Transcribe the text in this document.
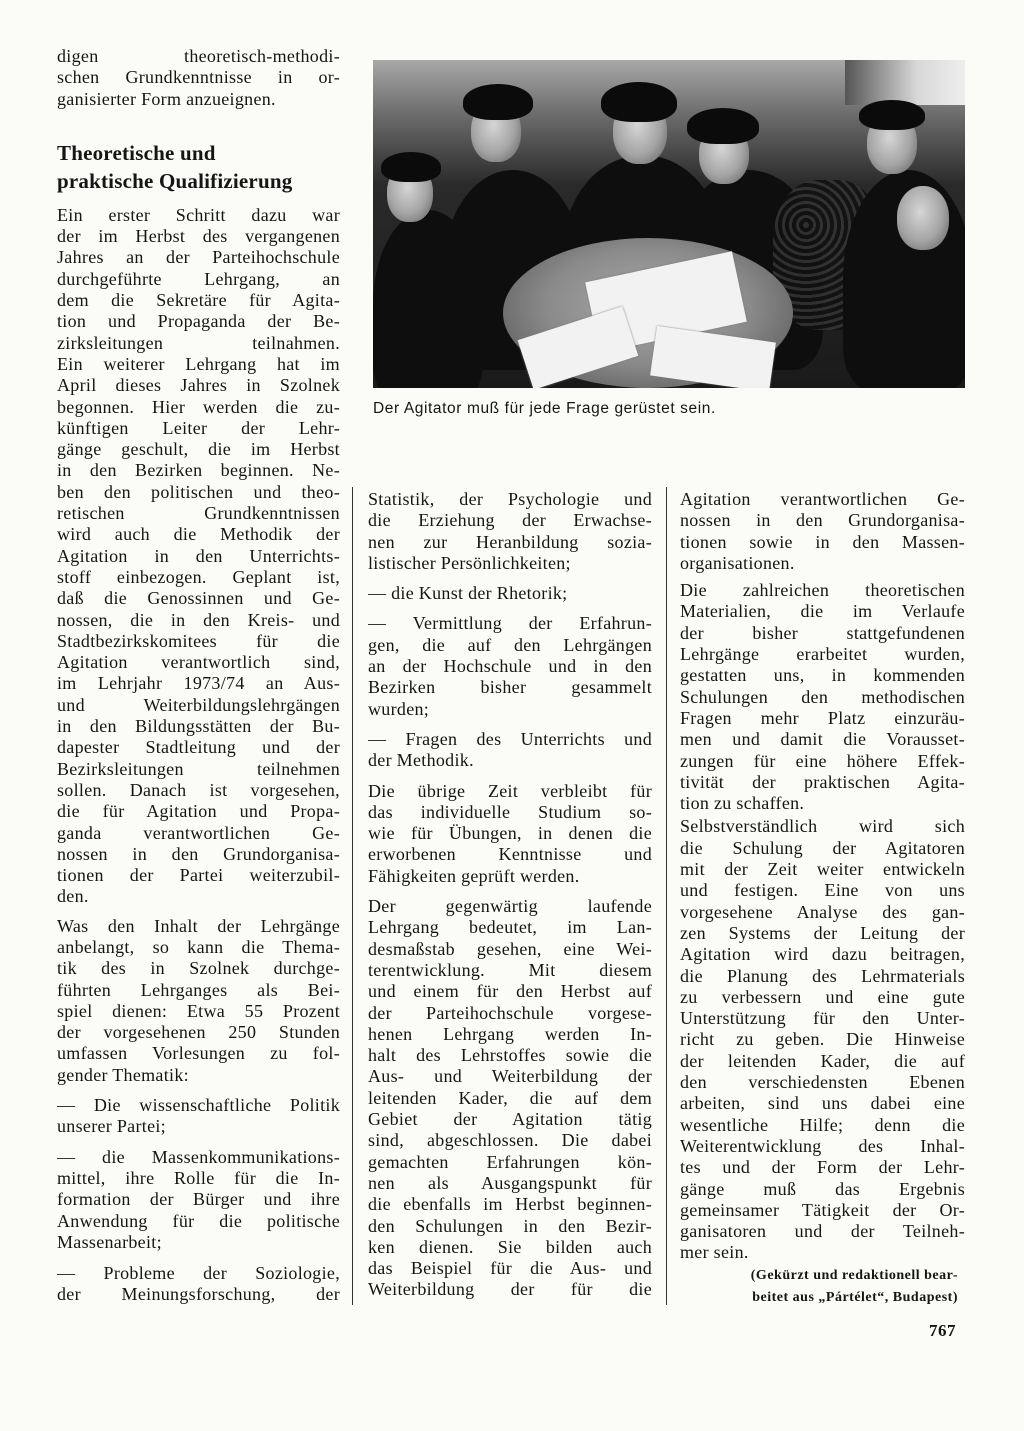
Der Agitator muß für jede Frage gerüstet sein.
digen theoretisch-methodi-
schen Grundkenntnisse in or-
ganisierter Form anzueignen.
Theoretische und
praktische Qualifizierung
Ein erster Schritt dazu war
der im Herbst des vergangenen
Jahres an der Parteihochschule
durchgeführte Lehrgang, an
dem die Sekretäre für Agita-
tion und Propaganda der Be-
zirksleitungen teilnahmen.
Ein weiterer Lehrgang hat im
April dieses Jahres in Szolnek
begonnen. Hier werden die zu-
künftigen Leiter der Lehr-
gänge geschult, die im Herbst
in den Bezirken beginnen. Ne-
ben den politischen und theo-
retischen Grundkenntnissen
wird auch die Methodik der
Agitation in den Unterrichts-
stoff einbezogen. Geplant ist,
daß die Genossinnen und Ge-
nossen, die in den Kreis- und
Stadtbezirkskomitees für die
Agitation verantwortlich sind,
im Lehrjahr 1973/74 an Aus-
und Weiterbildungslehrgängen
in den Bildungsstätten der Bu-
dapester Stadtleitung und der
Bezirksleitungen teilnehmen
sollen. Danach ist vorgesehen,
die für Agitation und Propa-
ganda verantwortlichen Ge-
nossen in den Grundorganisa-
tionen der Partei weiterzubil-
den.
Was den Inhalt der Lehrgänge
anbelangt, so kann die Thema-
tik des in Szolnek durchge-
führten Lehrganges als Bei-
spiel dienen: Etwa 55 Prozent
der vorgesehenen 250 Stunden
umfassen Vorlesungen zu fol-
gender Thematik:
— Die wissenschaftliche Politik
unserer Partei;
— die Massenkommunikations-
mittel, ihre Rolle für die In-
formation der Bürger und ihre
Anwendung für die politische
Massenarbeit;
— Probleme der Soziologie,
der Meinungsforschung, der
Statistik, der Psychologie und
die Erziehung der Erwachse-
nen zur Heranbildung sozia-
listischer Persönlichkeiten;
— die Kunst der Rhetorik;
— Vermittlung der Erfahrun-
gen, die auf den Lehrgängen
an der Hochschule und in den
Bezirken bisher gesammelt
wurden;
— Fragen des Unterrichts und
der Methodik.
Die übrige Zeit verbleibt für
das individuelle Studium so-
wie für Übungen, in denen die
erworbenen Kenntnisse und
Fähigkeiten geprüft werden.
Der gegenwärtig laufende
Lehrgang bedeutet, im Lan-
desmaßstab gesehen, eine Wei-
terentwicklung. Mit diesem
und einem für den Herbst auf
der Parteihochschule vorgese-
henen Lehrgang werden In-
halt des Lehrstoffes sowie die
Aus- und Weiterbildung der
leitenden Kader, die auf dem
Gebiet der Agitation tätig
sind, abgeschlossen. Die dabei
gemachten Erfahrungen kön-
nen als Ausgangspunkt für
die ebenfalls im Herbst beginnen-
den Schulungen in den Bezir-
ken dienen. Sie bilden auch
das Beispiel für die Aus- und
Weiterbildung der für die
Agitation verantwortlichen Ge-
nossen in den Grundorganisa-
tionen sowie in den Massen-
organisationen.
Die zahlreichen theoretischen
Materialien, die im Verlaufe
der bisher stattgefundenen
Lehrgänge erarbeitet wurden,
gestatten uns, in kommenden
Schulungen den methodischen
Fragen mehr Platz einzuräu-
men und damit die Vorausset-
zungen für eine höhere Effek-
tivität der praktischen Agita-
tion zu schaffen.
Selbstverständlich wird sich
die Schulung der Agitatoren
mit der Zeit weiter entwickeln
und festigen. Eine von uns
vorgesehene Analyse des gan-
zen Systems der Leitung der
Agitation wird dazu beitragen,
die Planung des Lehrmaterials
zu verbessern und eine gute
Unterstützung für den Unter-
richt zu geben. Die Hinweise
der leitenden Kader, die auf
den verschiedensten Ebenen
arbeiten, sind uns dabei eine
wesentliche Hilfe; denn die
Weiterentwicklung des Inhal-
tes und der Form der Lehr-
gänge muß das Ergebnis
gemeinsamer Tätigkeit der Or-
ganisatoren und der Teilneh-
mer sein.
(Gekürzt und redaktionell bear-
beitet aus „Pártélet“, Budapest)
767
